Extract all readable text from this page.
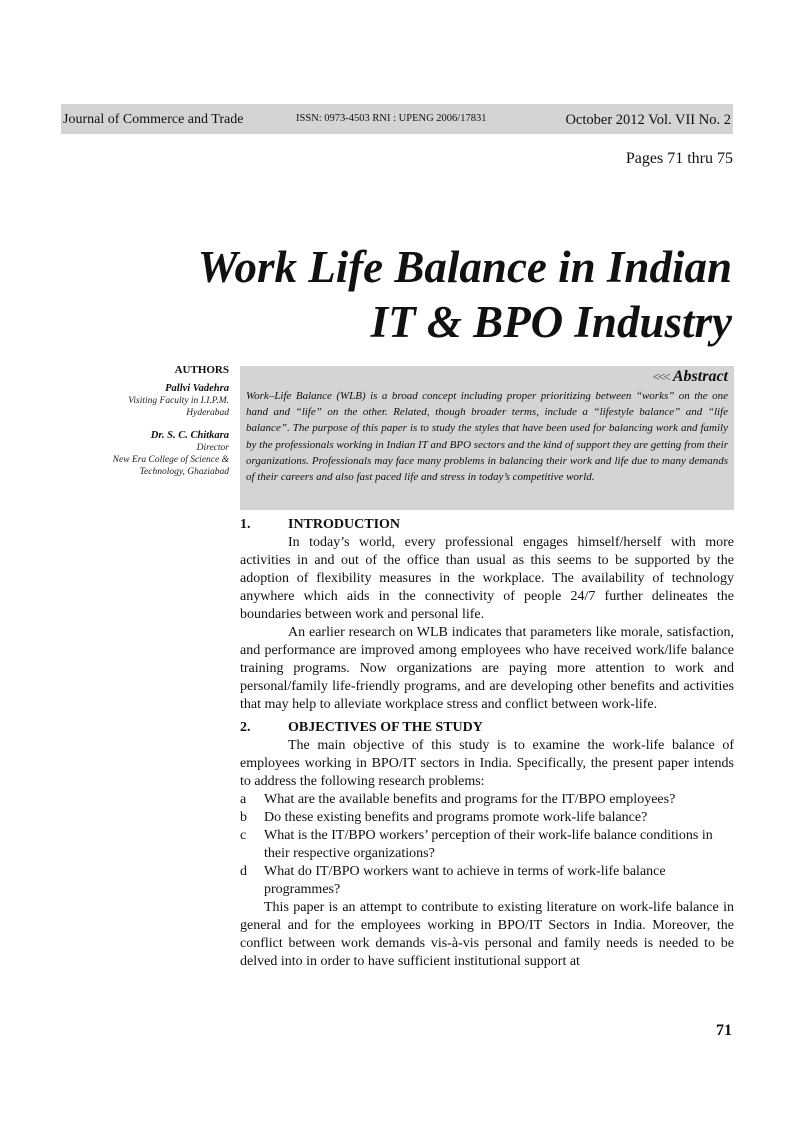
Journal of Commerce and Trade	ISSN: 0973-4503 RNI : UPENG 2006/17831	October 2012 Vol. VII No. 2
Pages 71 thru 75
Work Life Balance in Indian
IT & BPO Industry
AUTHORS
Pallvi Vadehra
Visiting Faculty in I.I.P.M.
Hyderabad
Dr. S. C. Chitkara
Director
New Era College of Science &
Technology, Ghaziabad
<<< Abstract
Work–Life Balance (WLB) is a broad concept including proper prioritizing between “works” on the one hand and “life” on the other. Related, though broader terms, include a “lifestyle balance” and “life balance”. The purpose of this paper is to study the styles that have been used for balancing work and family by the professionals working in Indian IT and BPO sectors and the kind of support they are getting from their organizations. Professionals may face many problems in balancing their work and life due to many demands of their careers and also fast paced life and stress in today’s competitive world.
1.	INTRODUCTION

In today’s world, every professional engages himself/herself with more activities in and out of the office than usual as this seems to be supported by the adoption of flexibility measures in the workplace. The availability of technology anywhere which aids in the connectivity of people 24/7 further delineates the boundaries between work and personal life.

An earlier research on WLB indicates that parameters like morale, satisfaction, and performance are improved among employees who have received work/life balance training programs. Now organizations are paying more attention to work and personal/family life-friendly programs, and are developing other benefits and activities that may help to alleviate workplace stress and conflict between work-life.

2.	OBJECTIVES OF THE STUDY

The main objective of this study is to examine the work-life balance of employees working in BPO/IT sectors in India. Specifically, the present paper intends to address the following research problems:

a	What are the available benefits and programs for the IT/BPO employees?
b	Do these existing benefits and programs promote work-life balance?
c	What is the IT/BPO workers’ perception of their work-life balance conditions in their respective organizations?
d	What do IT/BPO workers want to achieve in terms of work-life balance programmes?

This paper is an attempt to contribute to existing literature on work-life balance in general and for the employees working in BPO/IT Sectors in India. Moreover, the conflict between work demands vis-à-vis personal and family needs is needed to be delved into in order to have sufficient institutional support at

71
